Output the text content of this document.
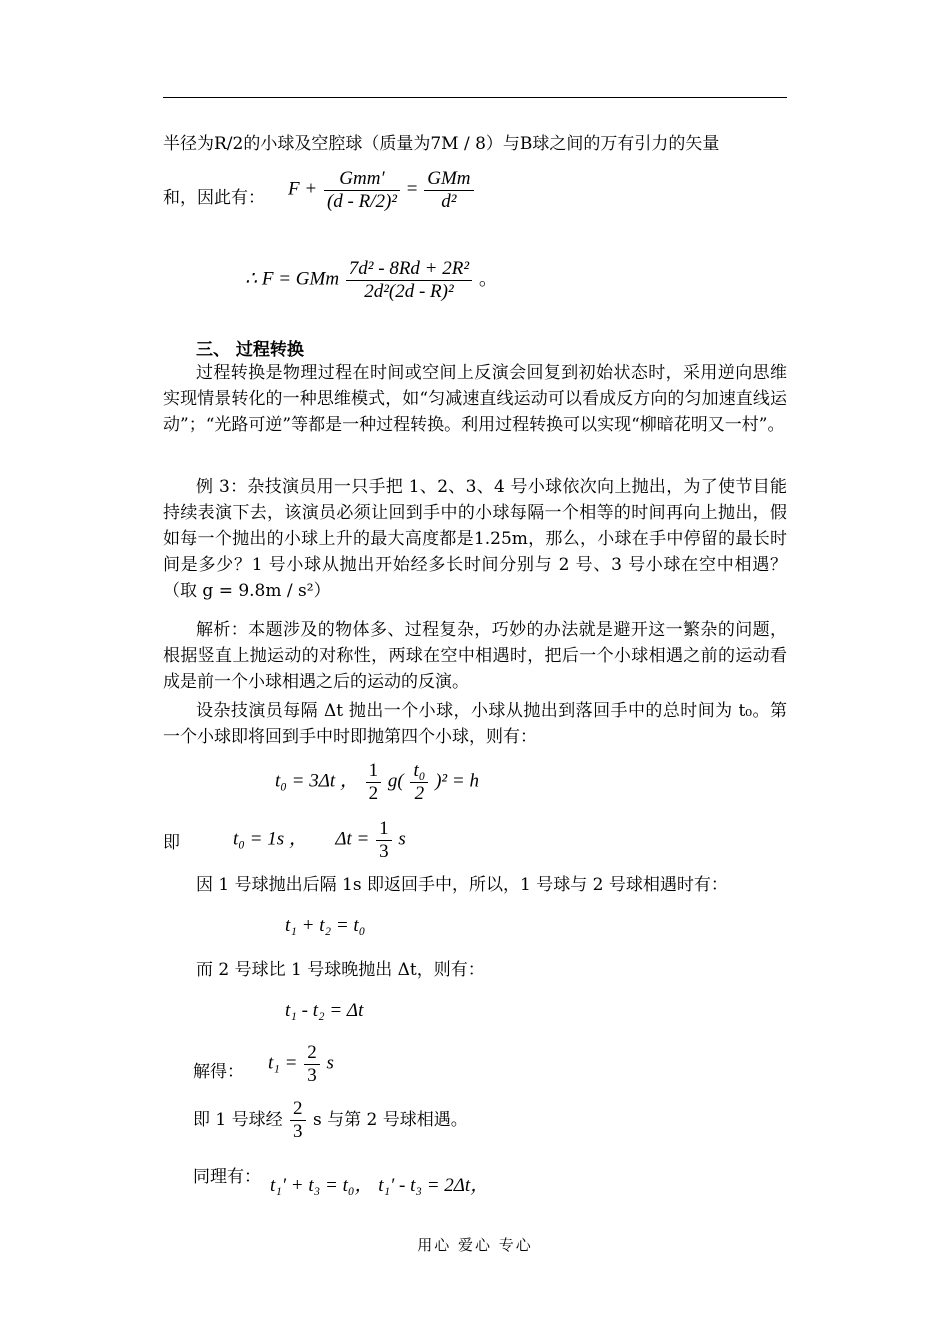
半径为R/2的小球及空腔球（质量为7M / 8）与B球之间的万有引力的矢量
和，因此有： $F + \frac{\text{Gmm′}}{\text{(d - R/2)²}} = \frac{\text{GMm}}{\text{d²}}$
∴ F = GMm $\frac{\text{7d² - 8Rd + 2R²}}{\text{2d²(2d - R)²}}$ 。
三、 过程转换
过程转换是物理过程在时间或空间上反演会回复到初始状态时，采用逆向思维实现情景转化的一种思维模式，如“匀减速直线运动可以看成反方向的匀加速直线运动”；“光路可逆”等都是一种过程转换。利用过程转换可以实现“柳暗花明又一村”。
例 3：杂技演员用一只手把 1、2、3、4 号小球依次向上抛出，为了使节目能持续表演下去，该演员必须让回到手中的小球每隔一个相等的时间再向上抛出，假如每一个抛出的小球上升的最大高度都是1.25m，那么，小球在手中停留的最长时间是多少？1 号小球从抛出开始经多长时间分别与 2 号、3 号小球在空中相遇？（取 g = 9.8m / s²）
解析：本题涉及的物体多、过程复杂，巧妙的办法就是避开这一繁杂的问题，根据竖直上抛运动的对称性，两球在空中相遇时，把后一个小球相遇之前的运动看成是前一个小球相遇之后的运动的反演。
设杂技演员每隔 Δt 抛出一个小球，小球从抛出到落回手中的总时间为 t₀。第一个小球即将回到手中时即抛第四个小球，则有：
t₀ = 3Δt ， $\frac{1}{2} g( \frac{\text{t₀}}{2} )^2 = h$
即	t₀ = 1s ， $\Delta t = \frac{1}{3}$ s
因 1 号球抛出后隔 1s 即返回手中，所以，1 号球与 2 号球相遇时有：
t₁ + t₂ = t₀
而 2 号球比 1 号球晚抛出 Δt，则有：
t₁ - t₂ = Δt
解得： $t_1 = \frac{2}{3}$ s
即 1 号球经 $\frac{2}{3}$ s 与第 2 号球相遇。
同理有： t₁′ + t₃ = t₀， t₁′ - t₃ = 2Δt，
用心 爱心 专心
